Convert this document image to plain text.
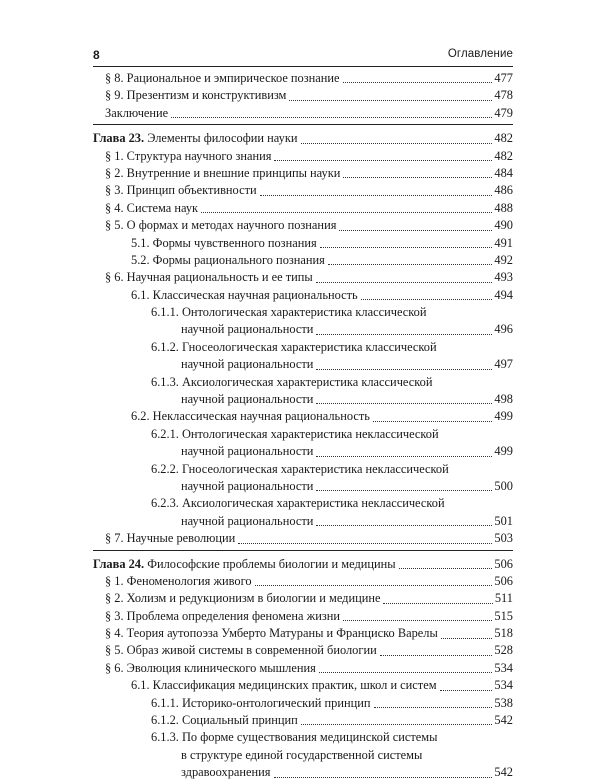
8	Оглавление
§ 8. Рациональное и эмпирическое познание	477
§ 9. Презентизм и конструктивизм	478
Заключение	479
Глава 23. Элементы философии науки	482
§ 1. Структура научного знания	482
§ 2. Внутренние и внешние принципы науки	484
§ 3. Принцип объективности	486
§ 4. Система наук	488
§ 5. О формах и методах научного познания	490
5.1. Формы чувственного познания	491
5.2. Формы рационального познания	492
§ 6. Научная рациональность и ее типы	493
6.1. Классическая научная рациональность	494
6.1.1. Онтологическая характеристика классической
научной рациональности	496
6.1.2. Гносеологическая характеристика классической
научной рациональности	497
6.1.3. Аксиологическая характеристика классической
научной рациональности	498
6.2. Неклассическая научная рациональность	499
6.2.1. Онтологическая характеристика неклассической
научной рациональности	499
6.2.2. Гносеологическая характеристика неклассической
научной рациональности	500
6.2.3. Аксиологическая характеристика неклассической
научной рациональности	501
§ 7. Научные революции	503
Глава 24. Философские проблемы биологии и медицины	506
§ 1. Феноменология живого	506
§ 2. Холизм и редукционизм в биологии и медицине	511
§ 3. Проблема определения феномена жизни	515
§ 4. Теория аутопоэза Умберто Матураны и Франциско Варелы	518
§ 5. Образ живой системы в современной биологии	528
§ 6. Эволюция клинического мышления	534
6.1. Классификация медицинских практик, школ и систем	534
6.1.1. Историко-онтологический принцип	538
6.1.2. Социальный принцип	542
6.1.3. По форме существования медицинской системы
в структуре единой государственной системы
здравоохранения	542
